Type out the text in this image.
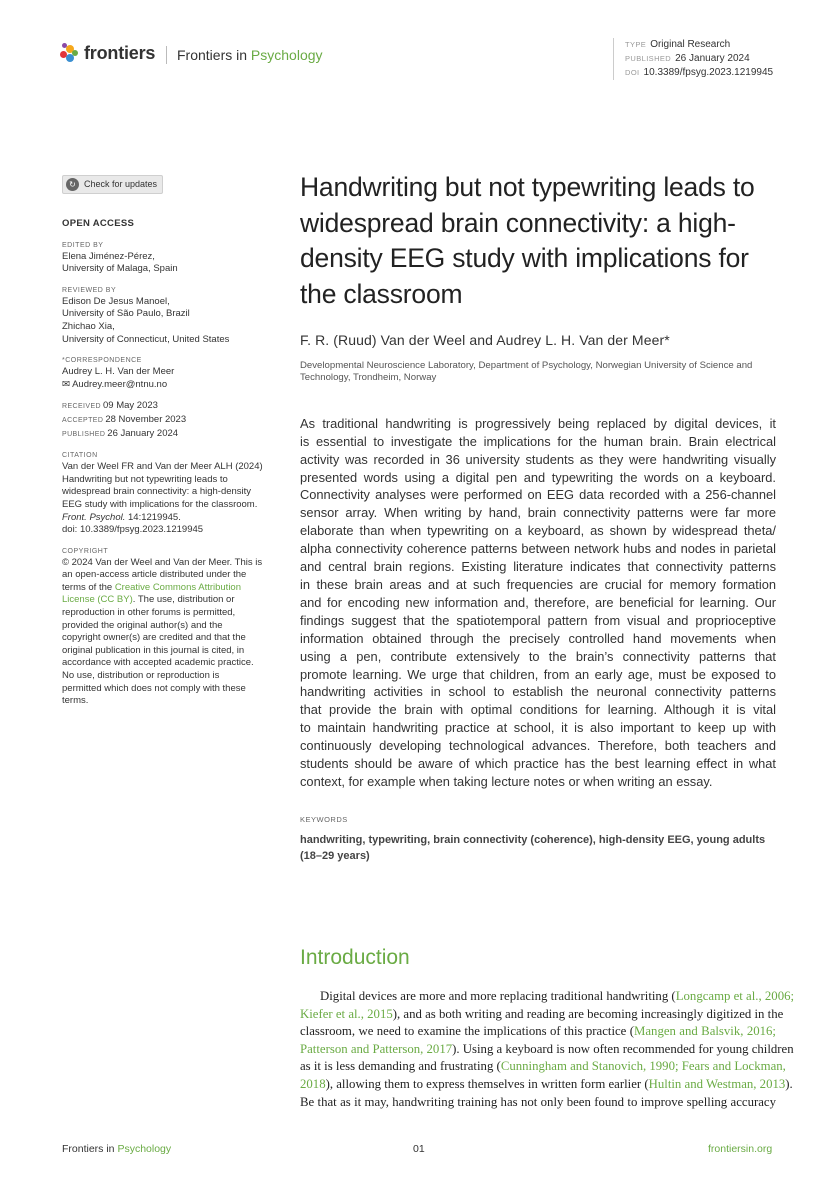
frontiers	Frontiers in Psychology
TYPE Original Research
PUBLISHED 26 January 2024
DOI 10.3389/fpsyg.2023.1219945
↻ Check for updates
OPEN ACCESS
EDITED BY
Elena Jiménez-Pérez,
University of Malaga, Spain
REVIEWED BY
Edison De Jesus Manoel,
University of São Paulo, Brazil
Zhichao Xia,
University of Connecticut, United States
*CORRESPONDENCE
Audrey L. H. Van der Meer
✉ Audrey.meer@ntnu.no
RECEIVED 09 May 2023
ACCEPTED 28 November 2023
PUBLISHED 26 January 2024
CITATION
Van der Weel FR and Van der Meer ALH (2024)
Handwriting but not typewriting leads to
widespread brain connectivity: a high-density
EEG study with implications for the classroom.
Front. Psychol. 14:1219945.
doi: 10.3389/fpsyg.2023.1219945
COPYRIGHT
© 2024 Van der Weel and Van der Meer. This is
an open-access article distributed under the
terms of the Creative Commons Attribution
License (CC BY). The use, distribution or
reproduction in other forums is permitted,
provided the original author(s) and the
copyright owner(s) are credited and that the
original publication in this journal is cited, in
accordance with accepted academic practice.
No use, distribution or reproduction is
permitted which does not comply with these
terms.
Handwriting but not typewriting leads to widespread brain connectivity: a high-density EEG study with implications for the classroom
F. R. (Ruud) Van der Weel and Audrey L. H. Van der Meer*
Developmental Neuroscience Laboratory, Department of Psychology, Norwegian University of Science and Technology, Trondheim, Norway
As traditional handwriting is progressively being replaced by digital devices, it
is essential to investigate the implications for the human brain. Brain electrical
activity was recorded in 36 university students as they were handwriting visually
presented words using a digital pen and typewriting the words on a keyboard.
Connectivity analyses were performed on EEG data recorded with a 256-channel
sensor array. When writing by hand, brain connectivity patterns were far more
elaborate than when typewriting on a keyboard, as shown by widespread theta/
alpha connectivity coherence patterns between network hubs and nodes in parietal
and central brain regions. Existing literature indicates that connectivity patterns
in these brain areas and at such frequencies are crucial for memory formation
and for encoding new information and, therefore, are beneficial for learning. Our
findings suggest that the spatiotemporal pattern from visual and proprioceptive
information obtained through the precisely controlled hand movements when
using a pen, contribute extensively to the brain’s connectivity patterns that
promote learning. We urge that children, from an early age, must be exposed to
handwriting activities in school to establish the neuronal connectivity patterns
that provide the brain with optimal conditions for learning. Although it is vital
to maintain handwriting practice at school, it is also important to keep up with
continuously developing technological advances. Therefore, both teachers and
students should be aware of which practice has the best learning effect in what
context, for example when taking lecture notes or when writing an essay.
KEYWORDS
handwriting, typewriting, brain connectivity (coherence), high-density EEG, young adults (18–29 years)
Introduction
Digital devices are more and more replacing traditional handwriting (Longcamp et al., 2006;
Kiefer et al., 2015), and as both writing and reading are becoming increasingly digitized in the
classroom, we need to examine the implications of this practice (Mangen and Balsvik, 2016;
Patterson and Patterson, 2017). Using a keyboard is now often recommended for young children
as it is less demanding and frustrating (Cunningham and Stanovich, 1990; Fears and Lockman,
2018), allowing them to express themselves in written form earlier (Hultin and Westman, 2013).
Be that as it may, handwriting training has not only been found to improve spelling accuracy
Frontiers in Psychology	01	frontiersin.org
